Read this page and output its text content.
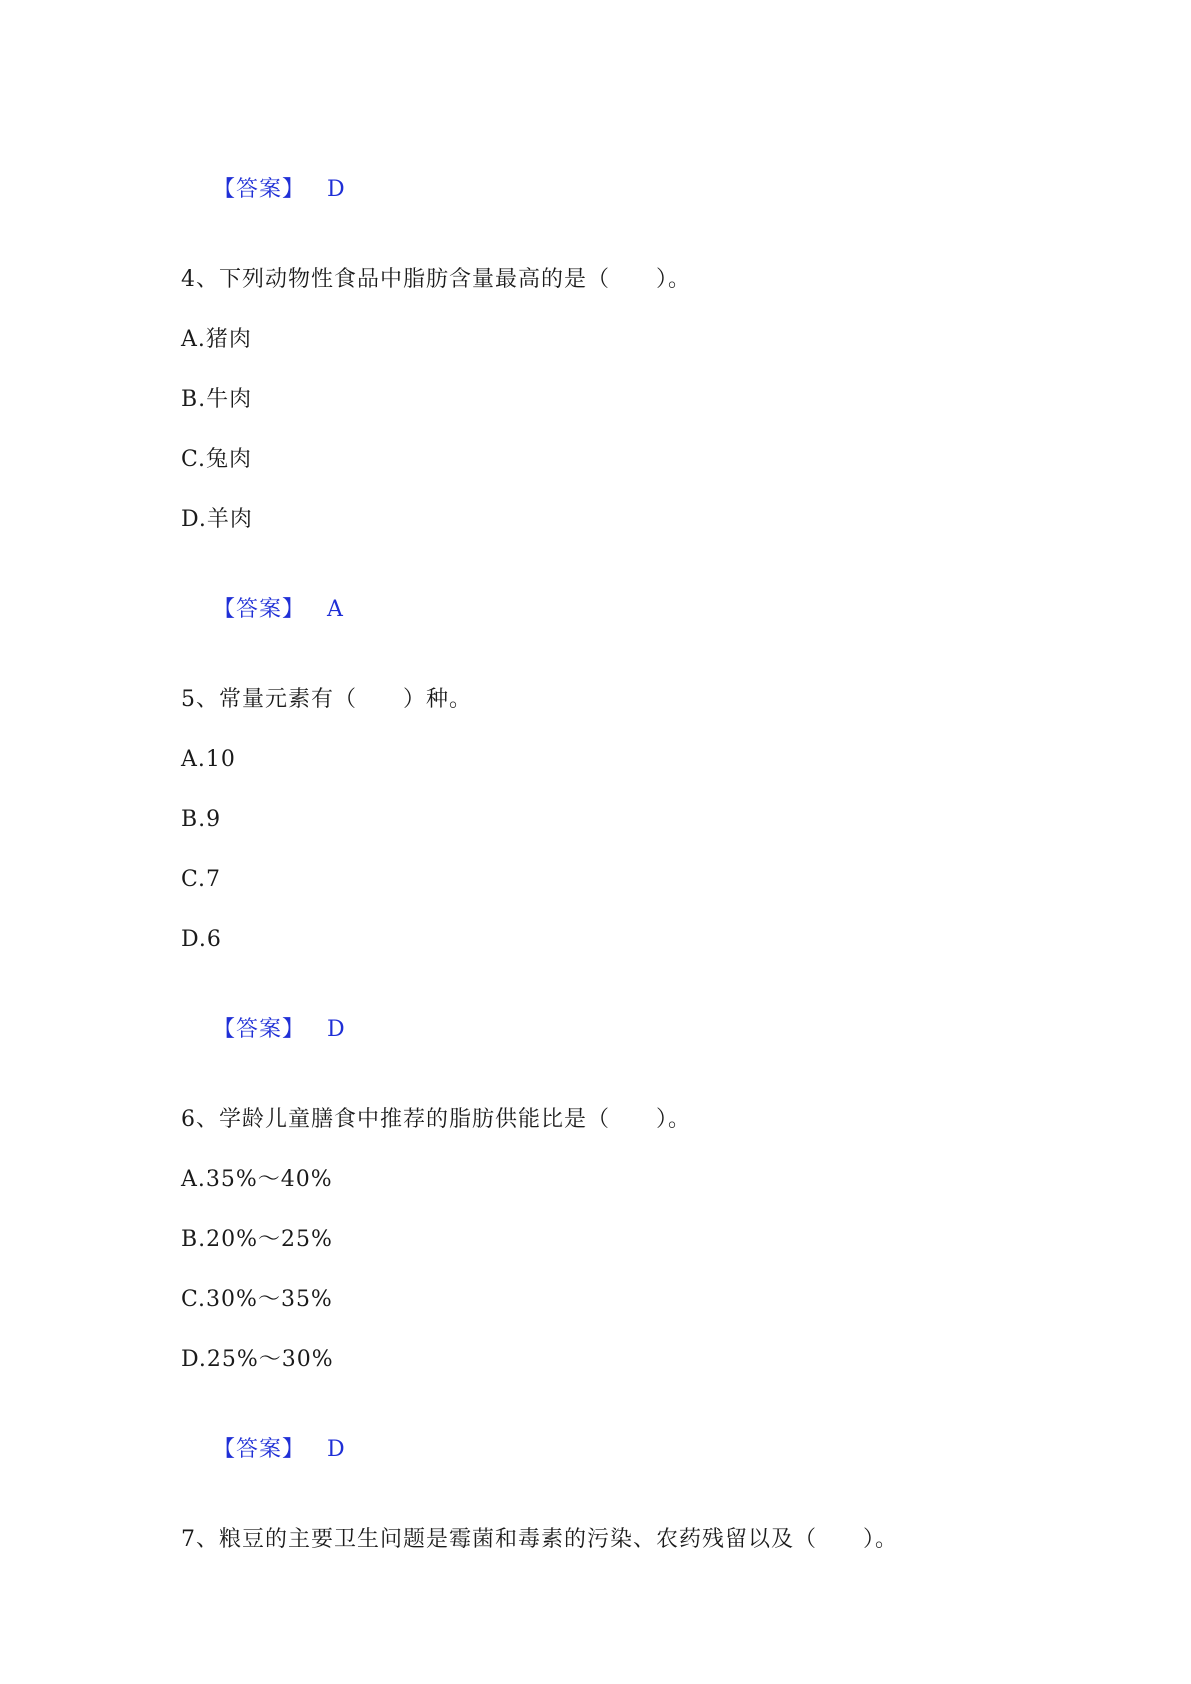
【答案】 D

4、下列动物性食品中脂肪含量最高的是（　　）。
A.猪肉
B.牛肉
C.兔肉
D.羊肉

【答案】 A

5、常量元素有（　　）种。
A.10
B.9
C.7
D.6

【答案】 D

6、学龄儿童膳食中推荐的脂肪供能比是（　　）。
A.35%～40%
B.20%～25%
C.30%～35%
D.25%～30%

【答案】 D

7、粮豆的主要卫生问题是霉菌和毒素的污染、农药残留以及（　　）。
